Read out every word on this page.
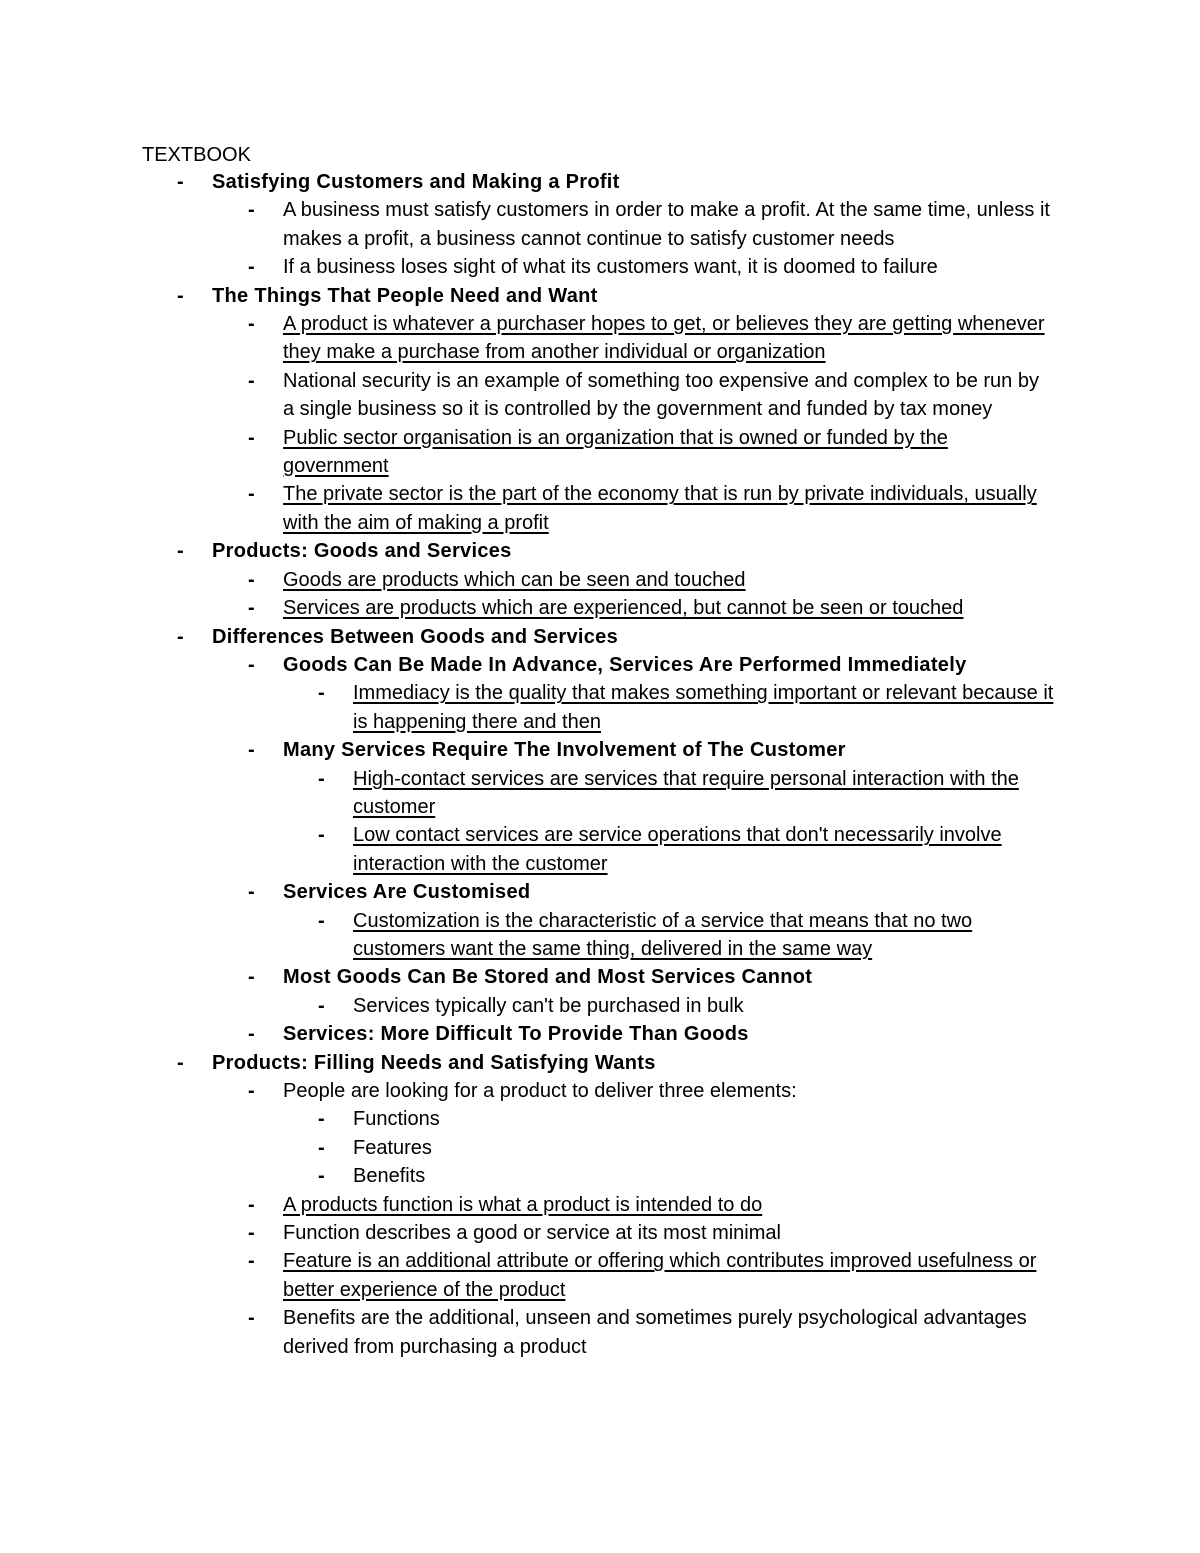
TEXTBOOK
- Satisfying Customers and Making a Profit
- A business must satisfy customers in order to make a profit. At the same time, unless it makes a profit, a business cannot continue to satisfy customer needs
- If a business loses sight of what its customers want, it is doomed to failure
- The Things That People Need and Want
- A product is whatever a purchaser hopes to get, or believes they are getting whenever they make a purchase from another individual or organization
- National security is an example of something too expensive and complex to be run by a single business so it is controlled by the government and funded by tax money
- Public sector organisation is an organization that is owned or funded by the government
- The private sector is the part of the economy that is run by private individuals, usually with the aim of making a profit
- Products: Goods and Services
- Goods are products which can be seen and touched
- Services are products which are experienced, but cannot be seen or touched
- Differences Between Goods and Services
- Goods Can Be Made In Advance, Services Are Performed Immediately
- Immediacy is the quality that makes something important or relevant because it is happening there and then
- Many Services Require The Involvement of The Customer
- High-contact services are services that require personal interaction with the customer
- Low contact services are service operations that don't necessarily involve interaction with the customer
- Services Are Customised
- Customization is the characteristic of a service that means that no two customers want the same thing, delivered in the same way
- Most Goods Can Be Stored and Most Services Cannot
- Services typically can't be purchased in bulk
- Services: More Difficult To Provide Than Goods
- Products: Filling Needs and Satisfying Wants
- People are looking for a product to deliver three elements:
- Functions
- Features
- Benefits
- A products function is what a product is intended to do
- Function describes a good or service at its most minimal
- Feature is an additional attribute or offering which contributes improved usefulness or better experience of the product
- Benefits are the additional, unseen and sometimes purely psychological advantages derived from purchasing a product
